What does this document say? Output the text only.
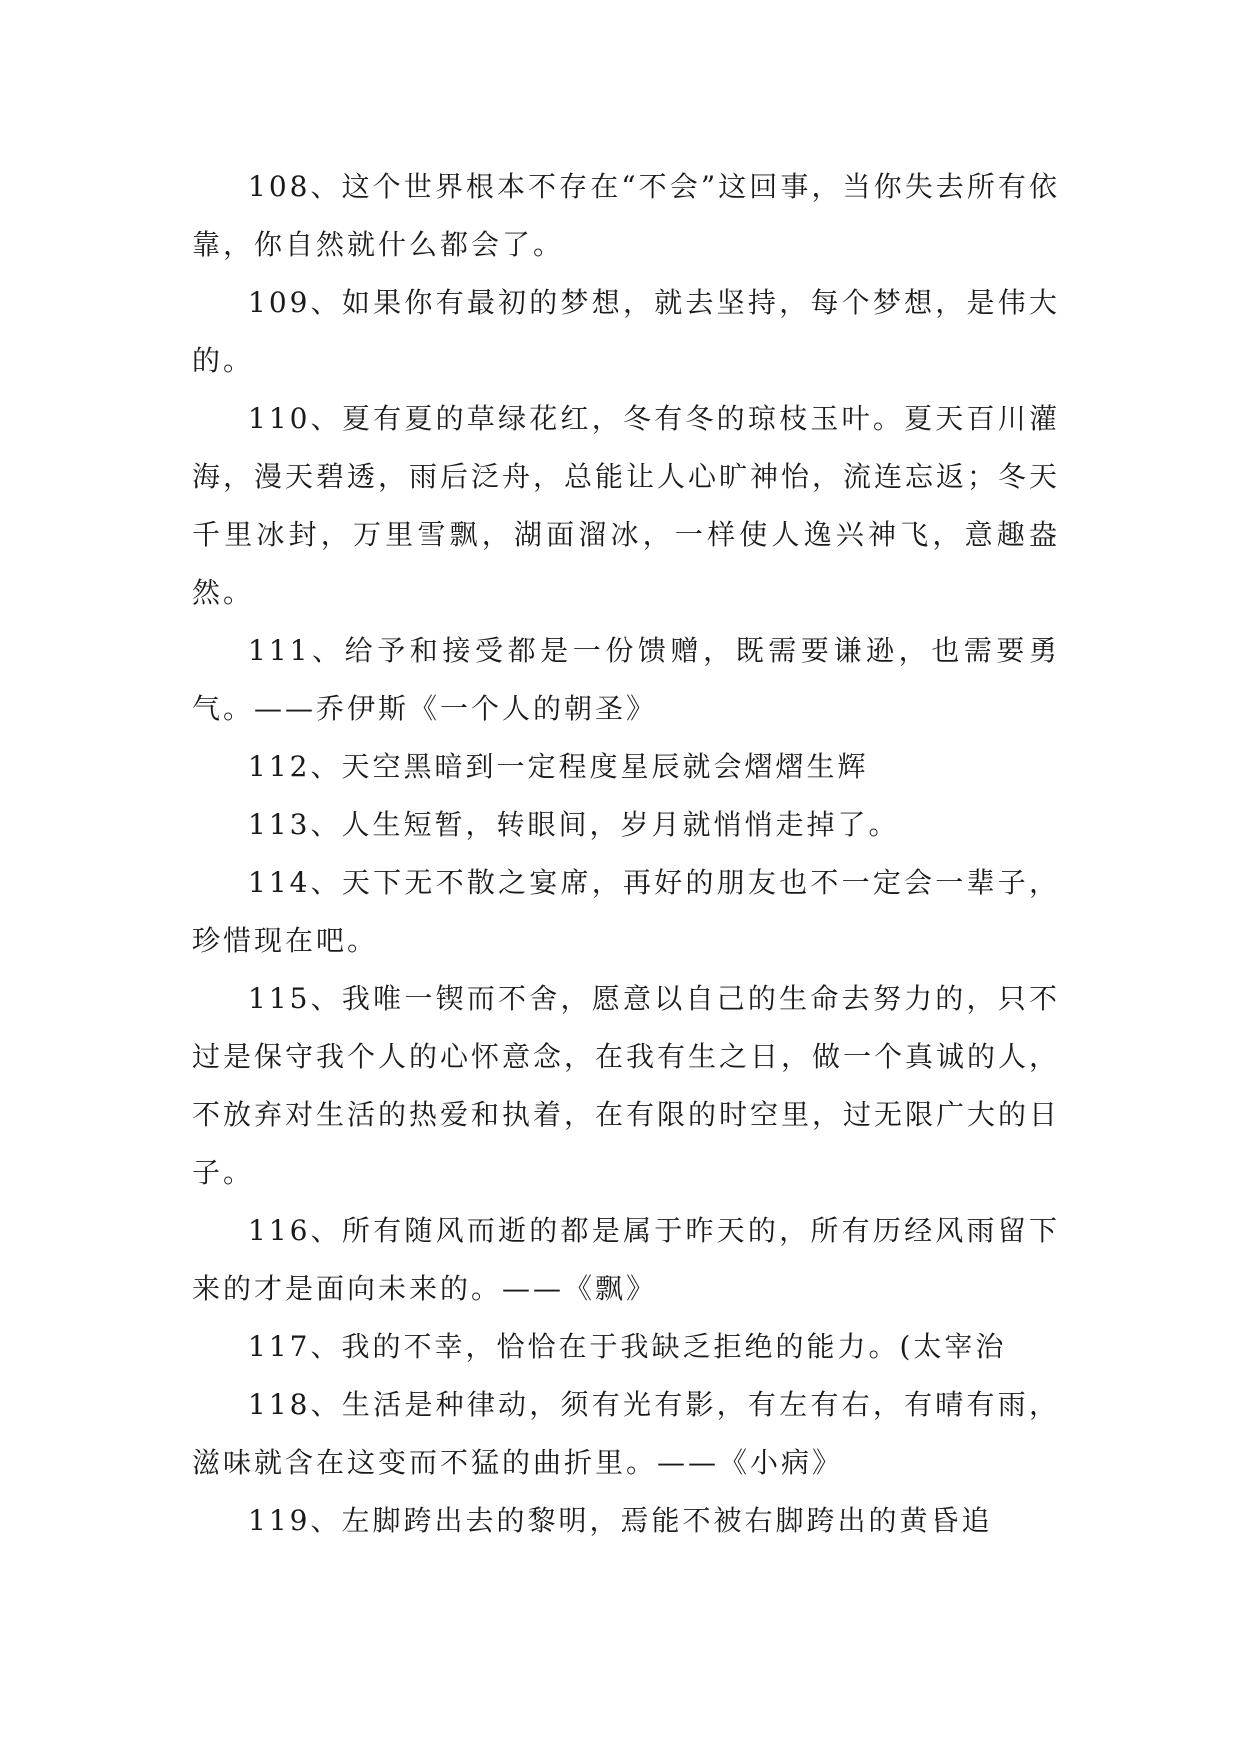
108、这个世界根本不存在“不会”这回事，当你失去所有依靠，你自然就什么都会了。

109、如果你有最初的梦想，就去坚持，每个梦想，是伟大的。

110、夏有夏的草绿花红，冬有冬的琼枝玉叶。夏天百川灌海，漫天碧透，雨后泛舟，总能让人心旷神怡，流连忘返；冬天千里冰封，万里雪飘，湖面溜冰，一样使人逸兴神飞，意趣盎然。

111、给予和接受都是一份馈赠，既需要谦逊，也需要勇气。——乔伊斯《一个人的朝圣》

112、天空黑暗到一定程度星辰就会熠熠生辉

113、人生短暂，转眼间，岁月就悄悄走掉了。

114、天下无不散之宴席，再好的朋友也不一定会一辈子，珍惜现在吧。

115、我唯一锲而不舍，愿意以自己的生命去努力的，只不过是保守我个人的心怀意念，在我有生之日，做一个真诚的人，不放弃对生活的热爱和执着，在有限的时空里，过无限广大的日子。

116、所有随风而逝的都是属于昨天的，所有历经风雨留下来的才是面向未来的。——《飘》

117、我的不幸，恰恰在于我缺乏拒绝的能力。(太宰治

118、生活是种律动，须有光有影，有左有右，有晴有雨，滋味就含在这变而不猛的曲折里。——《小病》

119、左脚跨出去的黎明，焉能不被右脚跨出的黄昏追
